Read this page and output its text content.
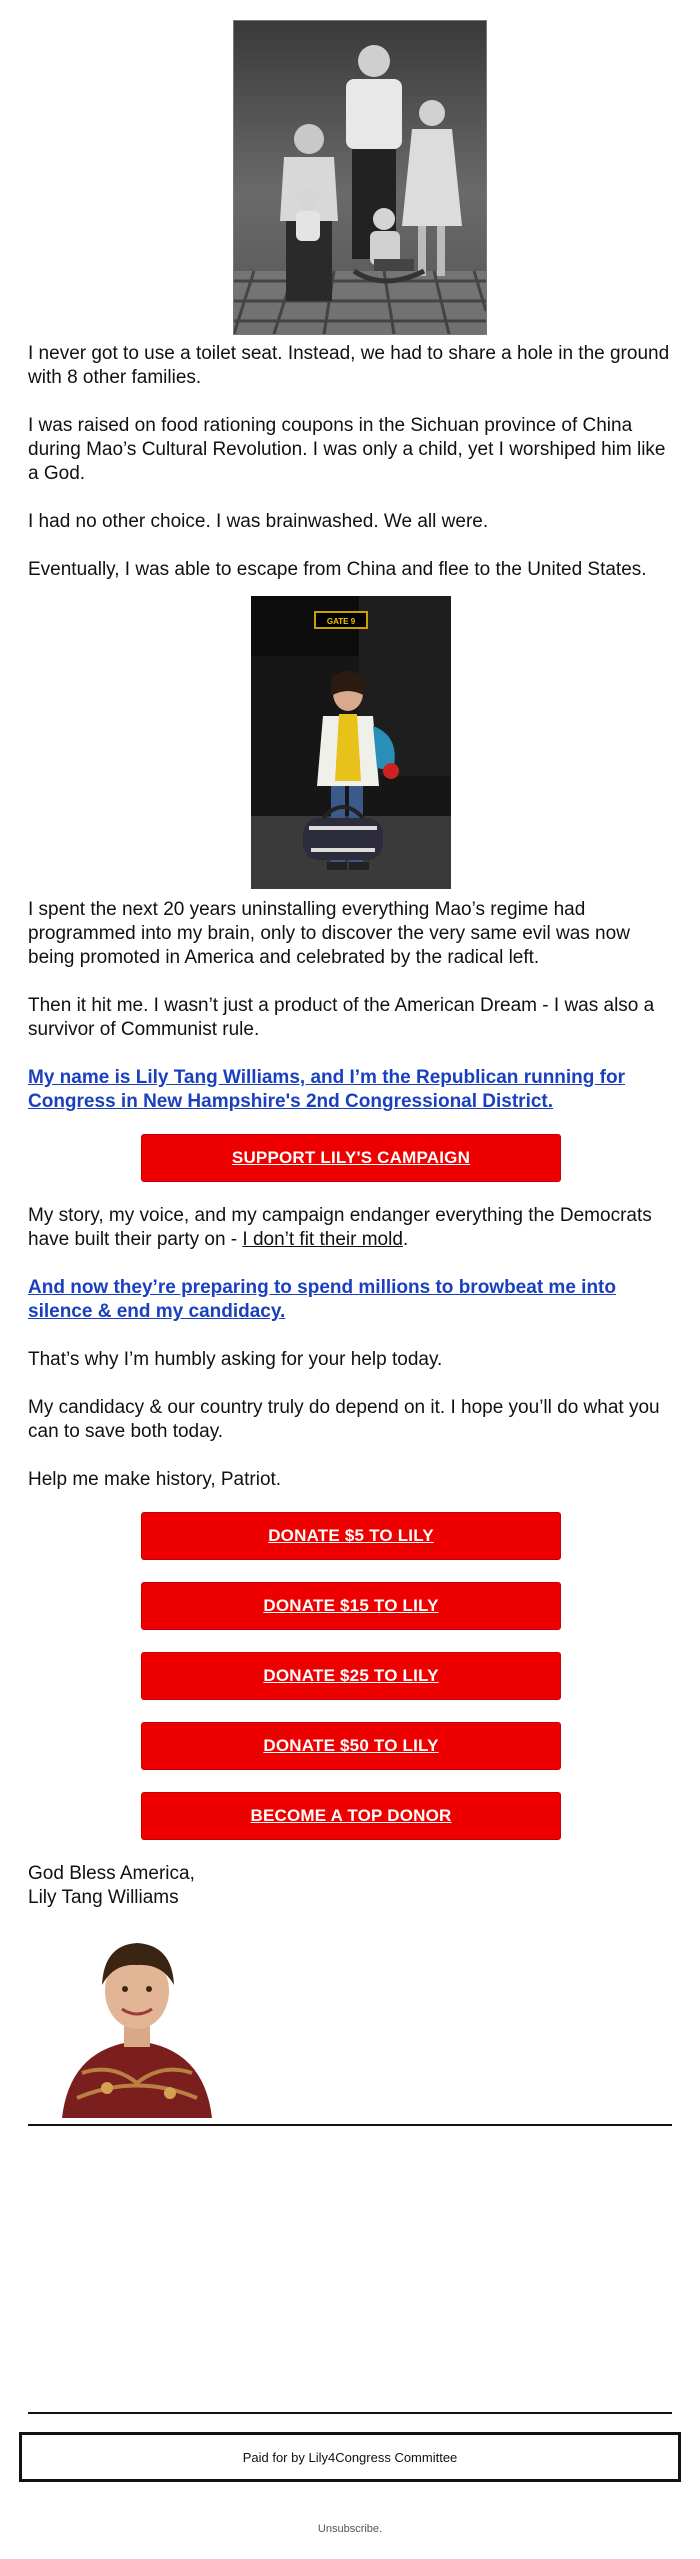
I never got to use a toilet seat. Instead, we had to share a hole in the ground with 8 other families.

I was raised on food rationing coupons in the Sichuan province of China during Mao’s Cultural Revolution. I was only a child, yet I worshiped him like a God.

I had no other choice. I was brainwashed. We all were.

Eventually, I was able to escape from China and flee to the United States.

GATE 9

I spent the next 20 years uninstalling everything Mao’s regime had programmed into my brain, only to discover the very same evil was now being promoted in America and celebrated by the radical left.

Then it hit me. I wasn’t just a product of the American Dream - I was also a survivor of Communist rule.

My name is Lily Tang Williams, and I’m the Republican running for Congress in New Hampshire's 2nd Congressional District.

SUPPORT LILY'S CAMPAIGN

My story, my voice, and my campaign endanger everything the Democrats have built their party on - I don’t fit their mold.

And now they’re preparing to spend millions to browbeat me into silence & end my candidacy.

That’s why I’m humbly asking for your help today.

My candidacy & our country truly do depend on it. I hope you’ll do what you can to save both today.

Help me make history, Patriot.

DONATE $5 TO LILY
DONATE $15 TO LILY
DONATE $25 TO LILY
DONATE $50 TO LILY
BECOME A TOP DONOR

God Bless America,

Lily Tang Williams

Paid for by Lily4Congress Committee
Unsubscribe.
